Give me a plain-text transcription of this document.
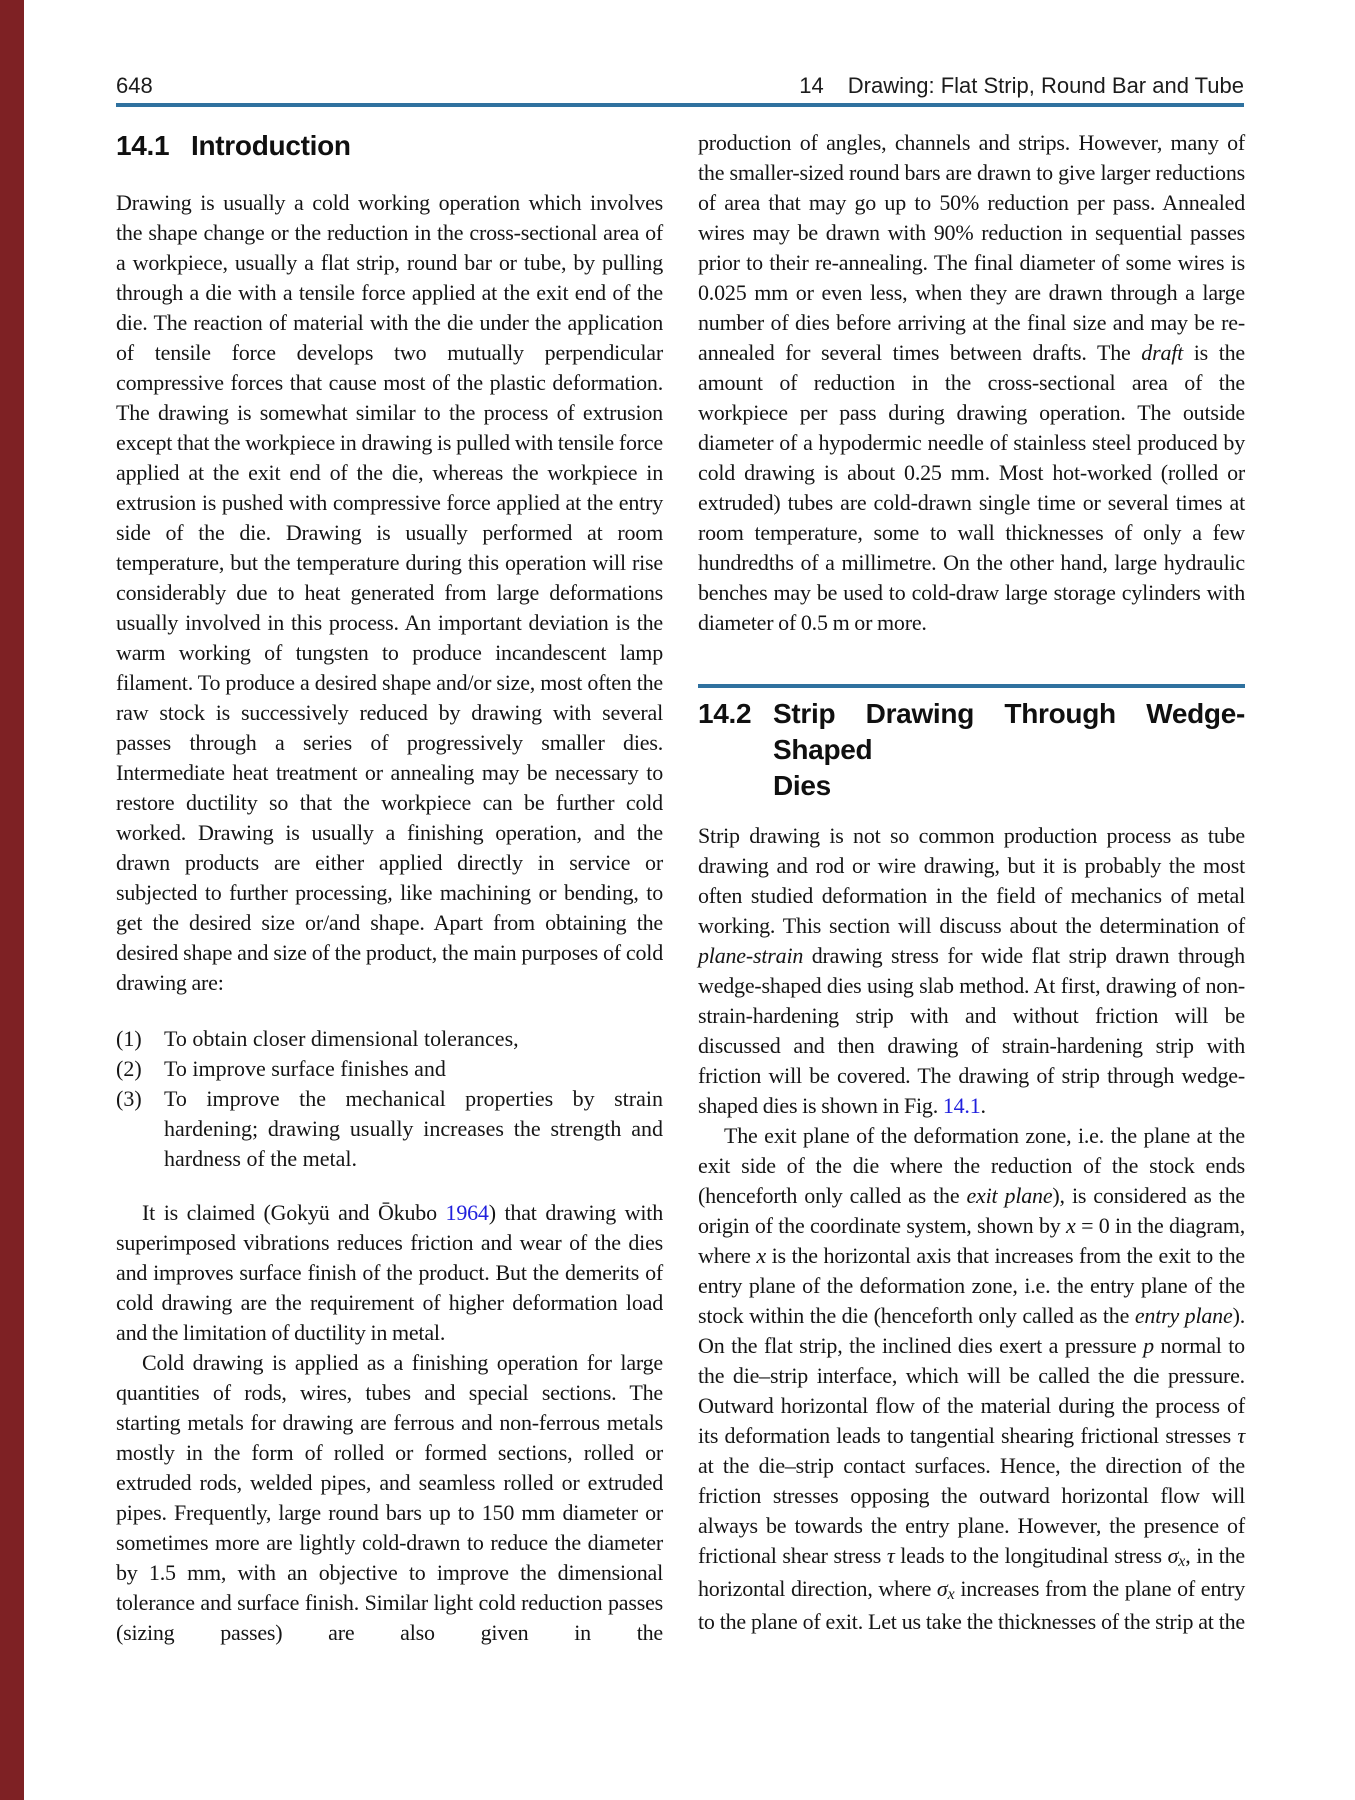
648	14 Drawing: Flat Strip, Round Bar and Tube
14.1 Introduction

Drawing is usually a cold working operation which involves the shape change or the reduction in the cross-sectional area of a workpiece, usually a flat strip, round bar or tube, by pulling through a die with a tensile force applied at the exit end of the die. The reaction of material with the die under the application of tensile force develops two mutually perpendicular compressive forces that cause most of the plastic deformation. The drawing is somewhat similar to the process of extrusion except that the workpiece in drawing is pulled with tensile force applied at the exit end of the die, whereas the workpiece in extrusion is pushed with compressive force applied at the entry side of the die. Drawing is usually performed at room temperature, but the temperature during this operation will rise considerably due to heat generated from large deformations usually involved in this process. An important deviation is the warm working of tungsten to produce incandescent lamp filament. To produce a desired shape and/or size, most often the raw stock is successively reduced by drawing with several passes through a series of progressively smaller dies. Intermediate heat treatment or annealing may be necessary to restore ductility so that the workpiece can be further cold worked. Drawing is usually a finishing operation, and the drawn products are either applied directly in service or subjected to further processing, like machining or bending, to get the desired size or/and shape. Apart from obtaining the desired shape and size of the product, the main purposes of cold drawing are:

(1)	To obtain closer dimensional tolerances,
(2)	To improve surface finishes and
(3)	To improve the mechanical properties by strain hardening; drawing usually increases the strength and hardness of the metal.

It is claimed (Gokyü and Ōkubo 1964) that drawing with superimposed vibrations reduces friction and wear of the dies and improves surface finish of the product. But the demerits of cold drawing are the requirement of higher deformation load and the limitation of ductility in metal.

Cold drawing is applied as a finishing operation for large quantities of rods, wires, tubes and special sections. The starting metals for drawing are ferrous and non-ferrous metals mostly in the form of rolled or formed sections, rolled or extruded rods, welded pipes, and seamless rolled or extruded pipes. Frequently, large round bars up to 150 mm diameter or sometimes more are lightly cold-drawn to reduce the diameter by 1.5 mm, with an objective to improve the dimensional tolerance and surface finish. Similar light cold reduction passes (sizing passes) are also given in the

production of angles, channels and strips. However, many of the smaller-sized round bars are drawn to give larger reductions of area that may go up to 50% reduction per pass. Annealed wires may be drawn with 90% reduction in sequential passes prior to their re-annealing. The final diameter of some wires is 0.025 mm or even less, when they are drawn through a large number of dies before arriving at the final size and may be re-annealed for several times between drafts. The draft is the amount of reduction in the cross-sectional area of the workpiece per pass during drawing operation. The outside diameter of a hypodermic needle of stainless steel produced by cold drawing is about 0.25 mm. Most hot-worked (rolled or extruded) tubes are cold-drawn single time or several times at room temperature, some to wall thicknesses of only a few hundredths of a millimetre. On the other hand, large hydraulic benches may be used to cold-draw large storage cylinders with diameter of 0.5 m or more.

14.2 Strip Drawing Through Wedge-Shaped
Dies

Strip drawing is not so common production process as tube drawing and rod or wire drawing, but it is probably the most often studied deformation in the field of mechanics of metal working. This section will discuss about the determination of plane-strain drawing stress for wide flat strip drawn through wedge-shaped dies using slab method. At first, drawing of non-strain-hardening strip with and without friction will be discussed and then drawing of strain-hardening strip with friction will be covered. The drawing of strip through wedge-shaped dies is shown in Fig. 14.1.

The exit plane of the deformation zone, i.e. the plane at the exit side of the die where the reduction of the stock ends (henceforth only called as the exit plane), is considered as the origin of the coordinate system, shown by x = 0 in the diagram, where x is the horizontal axis that increases from the exit to the entry plane of the deformation zone, i.e. the entry plane of the stock within the die (henceforth only called as the entry plane). On the flat strip, the inclined dies exert a pressure p normal to the die–strip interface, which will be called the die pressure. Outward horizontal flow of the material during the process of its deformation leads to tangential shearing frictional stresses τ at the die–strip contact surfaces. Hence, the direction of the friction stresses opposing the outward horizontal flow will always be towards the entry plane. However, the presence of frictional shear stress τ leads to the longitudinal stress σx, in the horizontal direction, where σx increases from the plane of entry to the plane of exit. Let us take the thicknesses of the strip at the
